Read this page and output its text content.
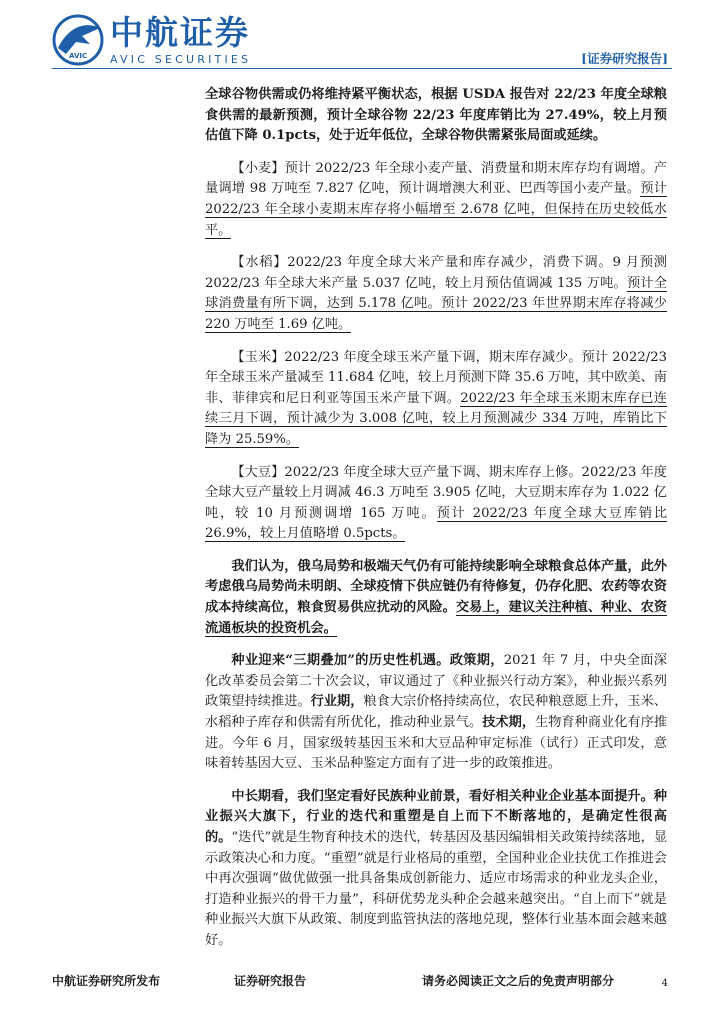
AVIC
中航证券
AVIC SECURITIES	[证券研究报告]

全球谷物供需或仍将维持紧平衡状态，根据 USDA 报告对 22/23 年度全球粮食供需的最新预测，预计全球谷物 22/23 年度库销比为 27.49%，较上月预估值下降 0.1pcts，处于近年低位，全球谷物供需紧张局面或延续。

【小麦】预计 2022/23 年全球小麦产量、消费量和期末库存均有调增。产量调增 98 万吨至 7.827 亿吨，预计调增澳大利亚、巴西等国小麦产量。预计 2022/23 年全球小麦期末库存将小幅增至 2.678 亿吨，但保持在历史较低水平。

【水稻】2022/23 年度全球大米产量和库存减少，消费下调。9 月预测 2022/23 年全球大米产量 5.037 亿吨，较上月预估值调减 135 万吨。预计全球消费量有所下调，达到 5.178 亿吨。预计 2022/23 年世界期末库存将减少 220 万吨至 1.69 亿吨。

【玉米】2022/23 年度全球玉米产量下调，期末库存减少。预计 2022/23 年全球玉米产量减至 11.684 亿吨，较上月预测下降 35.6 万吨，其中欧美、南非、菲律宾和尼日利亚等国玉米产量下调。2022/23 年全球玉米期末库存已连续三月下调，预计减少为 3.008 亿吨，较上月预测减少 334 万吨，库销比下降为 25.59%。

【大豆】2022/23 年度全球大豆产量下调、期末库存上修。2022/23 年度全球大豆产量较上月调减 46.3 万吨至 3.905 亿吨，大豆期末库存为 1.022 亿吨，较 10 月预测调增 165 万吨。预计 2022/23 年度全球大豆库销比 26.9%，较上月值略增 0.5pcts。

我们认为，俄乌局势和极端天气仍有可能持续影响全球粮食总体产量，此外考虑俄乌局势尚未明朗、全球疫情下供应链仍有待修复，仍存化肥、农药等农资成本持续高位，粮食贸易供应扰动的风险。交易上，建议关注种植、种业、农资流通板块的投资机会。

种业迎来“三期叠加”的历史性机遇。政策期，2021 年 7 月，中央全面深化改革委员会第二十次会议，审议通过了《种业振兴行动方案》，种业振兴系列政策望持续推进。行业期，粮食大宗价格持续高位，农民种粮意愿上升，玉米、水稻种子库存和供需有所优化，推动种业景气。技术期，生物育种商业化有序推进。今年 6 月，国家级转基因玉米和大豆品种审定标准（试行）正式印发，意味着转基因大豆、玉米品种鉴定方面有了进一步的政策推进。

中长期看，我们坚定看好民族种业前景，看好相关种业企业基本面提升。种业振兴大旗下，行业的迭代和重塑是自上而下不断落地的，是确定性很高的。“迭代”就是生物育种技术的迭代，转基因及基因编辑相关政策持续落地，显示政策决心和力度。“重塑”就是行业格局的重塑，全国种业企业扶优工作推进会中再次强调“做优做强一批具备集成创新能力、适应市场需求的种业龙头企业，打造种业振兴的骨干力量”，科研优势龙头种企会越来越突出。“自上而下”就是种业振兴大旗下从政策、制度到监管执法的落地兑现，整体行业基本面会越来越好。

中航证券研究所发布	证券研究报告	请务必阅读正文之后的免责声明部分	4
